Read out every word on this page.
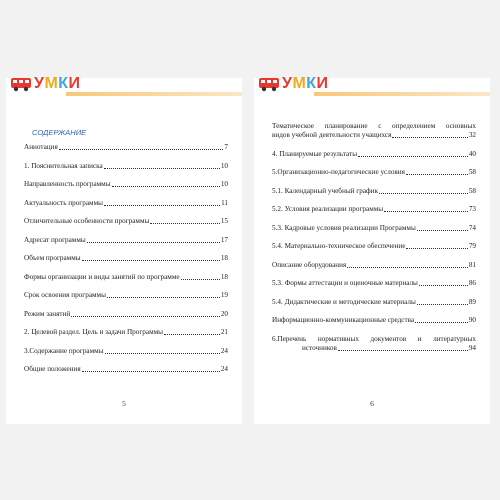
УМКИ
СОДЕРЖАНИЕ
Аннотация	7
1. Пояснительная записка	10
Направленность программы	10
Актуальность программы	11
Отличительные особенности программы	15
Адресат программы	17
Объем программы	18
Формы организации и виды занятий по программе	18
Срок освоения программы	19
Режим занятий	20
2. Целевой раздел. Цель и задачи Программы	21
3.Содержание программы	24
Общие положения	24
5
УМКИ
Тематическое планирование с определением основных
видов учебной деятельности учащихся	32
4. Планируемые результаты	40
5.Организационно-педагогические условия	58
5.1. Календарный учебный график	58
5.2. Условия реализации программы	73
5.3. Кадровые условия реализации Программы	74
5.4. Материально-техническое обеспечение	79
Описание оборудования	81
5.3. Формы аттестации и оценочные материалы	86
5.4. Дидактические и методические материалы	89
Информационно-коммуникационные средства	90
6.Перечень нормативных документов и литературных
источников	94
6
